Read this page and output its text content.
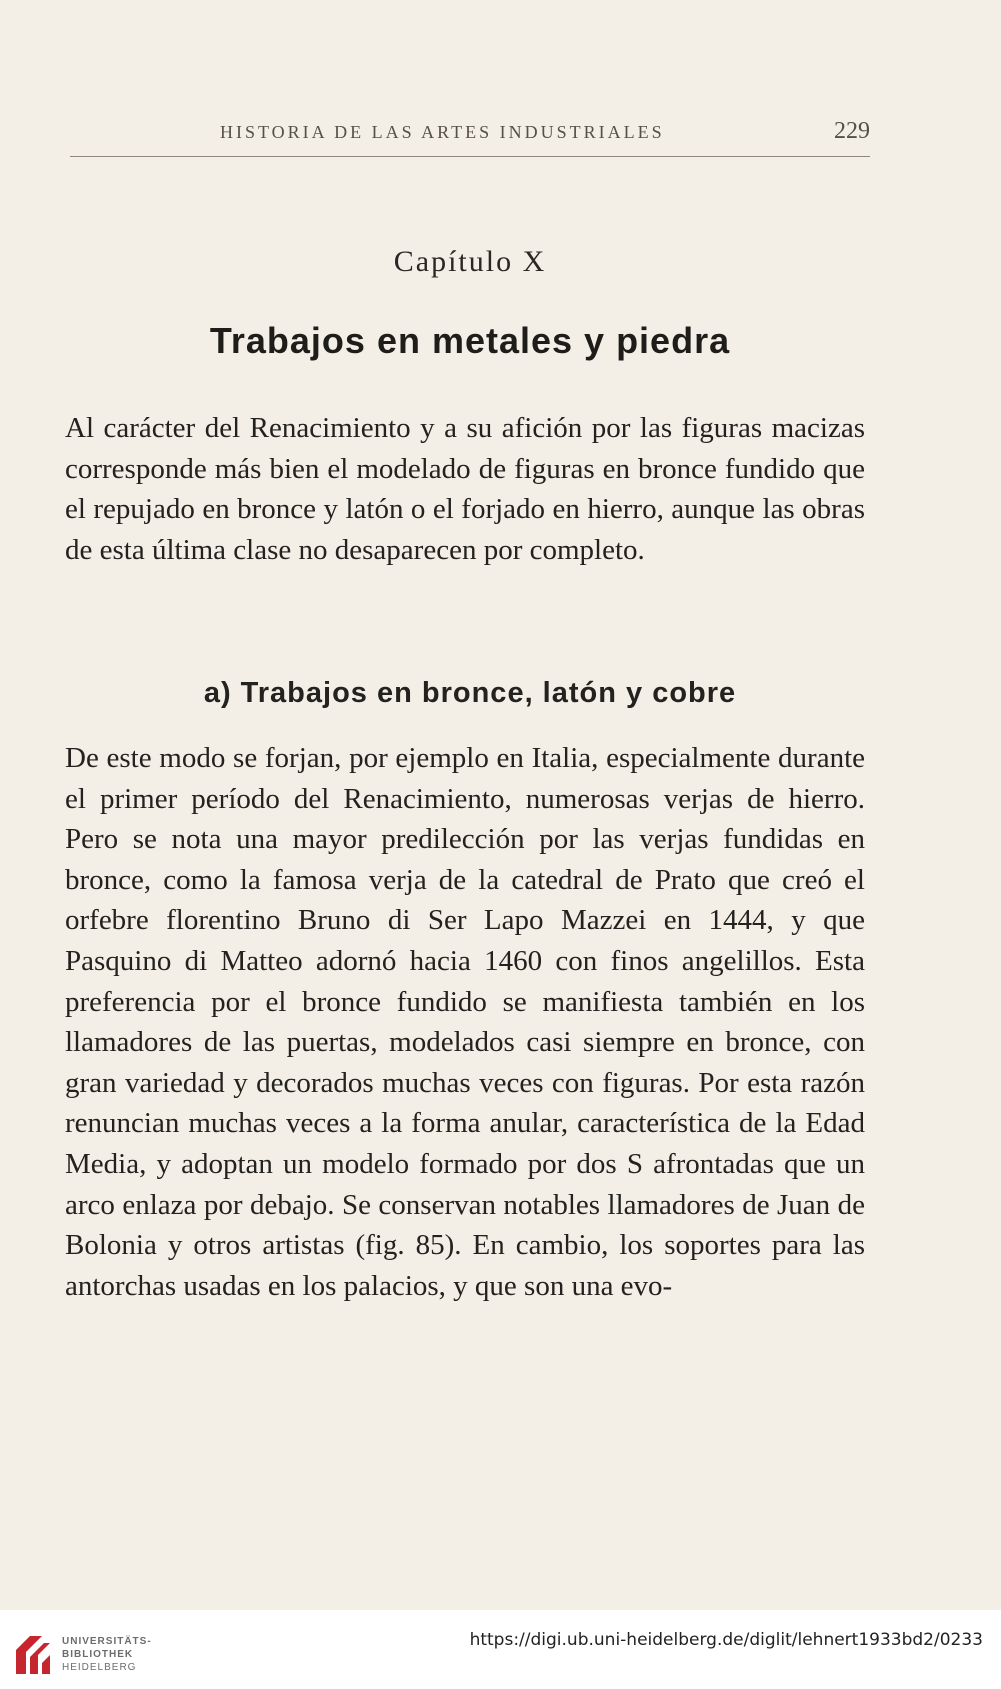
HISTORIA DE LAS ARTES INDUSTRIALES	229
Capítulo X
Trabajos en metales y piedra

Al carácter del Renacimiento y a su afición por las figuras macizas corresponde más bien el modelado de figuras en bronce fundido que el repujado en bronce y latón o el forjado en hierro, aunque las obras de esta última clase no desaparecen por completo.

a) Trabajos en bronce, latón y cobre

De este modo se forjan, por ejemplo en Italia, especialmente durante el primer período del Renacimiento, numerosas verjas de hierro. Pero se nota una mayor predilección por las verjas fundidas en bronce, como la famosa verja de la catedral de Prato que creó el orfebre florentino Bruno di Ser Lapo Mazzei en 1444, y que Pasquino di Matteo adornó hacia 1460 con finos angelillos. Esta preferencia por el bronce fundido se manifiesta también en los llamadores de las puertas, modelados casi siempre en bronce, con gran variedad y decorados muchas veces con figuras. Por esta razón renuncian muchas veces a la forma anular, característica de la Edad Media, y adoptan un modelo formado por dos S afrontadas que un arco enlaza por debajo. Se conservan notables llamadores de Juan de Bolonia y otros artistas (fig. 85). En cambio, los soportes para las antorchas usadas en los palacios, y que son una evo-

UNIVERSITÄTS-
BIBLIOTHEK
HEIDELBERG
https://digi.ub.uni-heidelberg.de/diglit/lehnert1933bd2/0233
